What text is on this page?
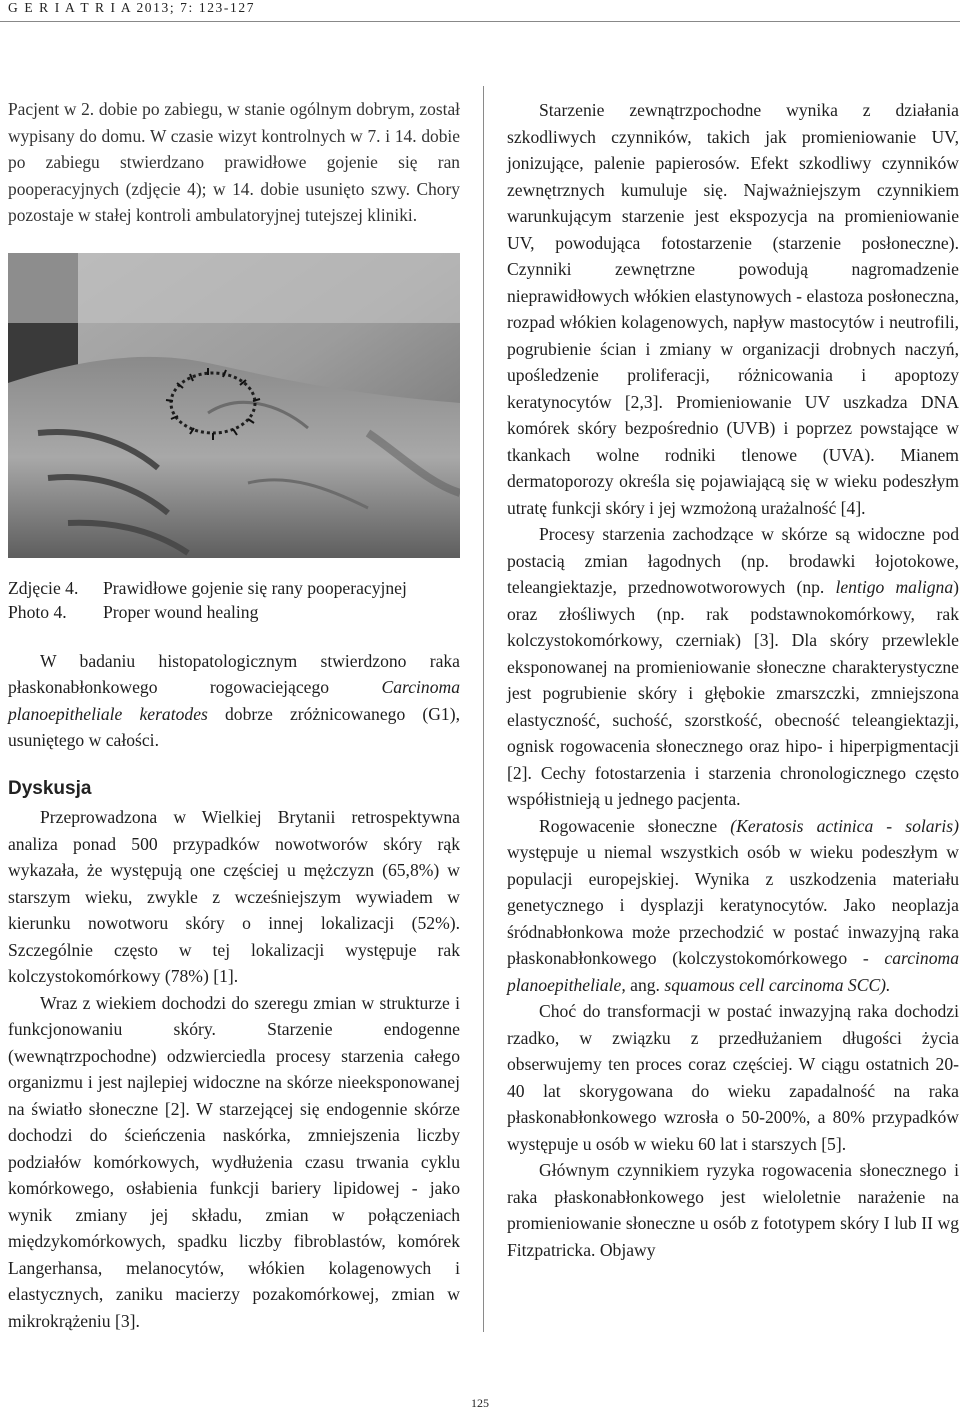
G E R I A T R I A 2013; 7: 123-127

Pacjent w 2. dobie po zabiegu, w stanie ogólnym dobrym, został wypisany do domu. W czasie wizyt kontrolnych w 7. i 14. dobie po zabiegu stwierdzano prawidłowe gojenie się ran pooperacyjnych (zdjęcie 4); w 14. dobie usunięto szwy. Chory pozostaje w stałej kontroli ambulatoryjnej tutejszej kliniki.

Zdjęcie 4.	Prawidłowe gojenie się rany pooperacyjnej
Photo 4.	Proper wound healing

W badaniu histopatologicznym stwierdzono raka płaskonabłonkowego rogowaciejącego Carcinoma planoepitheliale keratodes dobrze zróżnicowanego (G1), usuniętego w całości.

Dyskusja

Przeprowadzona w Wielkiej Brytanii retrospektywna analiza ponad 500 przypadków nowotworów skóry rąk wykazała, że występują one częściej u mężczyzn (65,8%) w starszym wieku, zwykle z wcześniejszym wywiadem w kierunku nowotworu skóry o innej lokalizacji (52%). Szczególnie często w tej lokalizacji występuje rak kolczystokomórkowy (78%) [1].

Wraz z wiekiem dochodzi do szeregu zmian w strukturze i funkcjonowaniu skóry. Starzenie endogenne (wewnątrzpochodne) odzwierciedla procesy starzenia całego organizmu i jest najlepiej widoczne na skórze nieeksponowanej na światło słoneczne [2]. W starzejącej się endogennie skórze dochodzi do ścieńczenia naskórka, zmniejszenia liczby podziałów komórkowych, wydłużenia czasu trwania cyklu komórkowego, osłabienia funkcji bariery lipidowej - jako wynik zmiany jej składu, zmian w połączeniach międzykomórkowych, spadku liczby fibroblastów, komórek Langerhansa, melanocytów, włókien kolagenowych i elastycznych, zaniku macierzy pozakomórkowej, zmian w mikrokrążeniu [3].

Starzenie zewnątrzpochodne wynika z działania szkodliwych czynników, takich jak promieniowanie UV, jonizujące, palenie papierosów. Efekt szkodliwy czynników zewnętrznych kumuluje się. Najważniejszym czynnikiem warunkującym starzenie jest ekspozycja na promieniowanie UV, powodująca fotostarzenie (starzenie posłoneczne). Czynniki zewnętrzne powodują nagromadzenie nieprawidłowych włókien elastynowych - elastoza posłoneczna, rozpad włókien kolagenowych, napływ mastocytów i neutrofili, pogrubienie ścian i zmiany w organizacji drobnych naczyń, upośledzenie proliferacji, różnicowania i apoptozy keratynocytów [2,3]. Promieniowanie UV uszkadza DNA komórek skóry bezpośrednio (UVB) i poprzez powstające w tkankach wolne rodniki tlenowe (UVA). Mianem dermatoporozy określa się pojawiającą się w wieku podeszłym utratę funkcji skóry i jej wzmożoną urażalność [4].

Procesy starzenia zachodzące w skórze są widoczne pod postacią zmian łagodnych (np. brodawki łojotokowe, teleangiektazje, przednowotworowych (np. lentigo maligna) oraz złośliwych (np. rak podstawnokomórkowy, rak kolczystokomórkowy, czerniak) [3]. Dla skóry przewlekle eksponowanej na promieniowanie słoneczne charakterystyczne jest pogrubienie skóry i głębokie zmarszczki, zmniejszona elastyczność, suchość, szorstkość, obecność teleangiektazji, ognisk rogowacenia słonecznego oraz hipo- i hiperpigmentacji [2]. Cechy fotostarzenia i starzenia chronologicznego często współistnieją u jednego pacjenta.

Rogowacenie słoneczne (Keratosis actinica - solaris) występuje u niemal wszystkich osób w wieku podeszłym w populacji europejskiej. Wynika z uszkodzenia materiału genetycznego i dysplazji keratynocytów. Jako neoplazja śródnabłonkowa może przechodzić w postać inwazyjną raka płaskonabłonkowego (kolczystokomórkowego - carcinoma planoepitheliale, ang. squamous cell carcinoma SCC).

Choć do transformacji w postać inwazyjną raka dochodzi rzadko, w związku z przedłużaniem długości życia obserwujemy ten proces coraz częściej. W ciągu ostatnich 20-40 lat skorygowana do wieku zapadalność na raka płaskonabłonkowego wzrosła o 50-200%, a 80% przypadków występuje u osób w wieku 60 lat i starszych [5].

Głównym czynnikiem ryzyka rogowacenia słonecznego i raka płaskonabłonkowego jest wieloletnie narażenie na promieniowanie słoneczne u osób z fototypem skóry I lub II wg Fitzpatricka. Objawy

125
